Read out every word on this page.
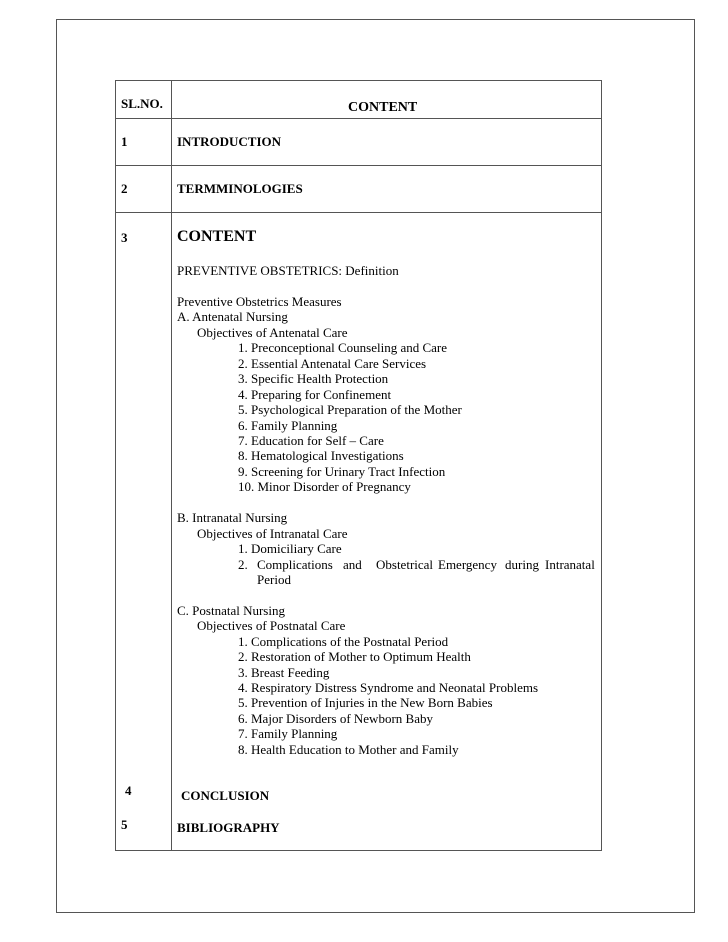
SL.NO.	CONTENT
1	INTRODUCTION
2	TERMMINOLOGIES
3	CONTENT
PREVENTIVE OBSTETRICS: Definition
Preventive Obstetrics Measures
A. Antenatal Nursing
Objectives of Antenatal Care
1. Preconceptional Counseling and Care
2. Essential Antenatal Care Services
3. Specific Health Protection
4. Preparing for Confinement
5. Psychological Preparation of the Mother
6. Family Planning
7. Education for Self – Care
8. Hematological Investigations
9. Screening for Urinary Tract Infection
10. Minor Disorder of Pregnancy
B. Intranatal Nursing
Objectives of Intranatal Care
1. Domiciliary Care
2. Complications and Obstetrical Emergency during Intranatal
Period
C. Postnatal Nursing
Objectives of Postnatal Care
1. Complications of the Postnatal Period
2. Restoration of Mother to Optimum Health
3. Breast Feeding
4. Respiratory Distress Syndrome and Neonatal Problems
5. Prevention of Injuries in the New Born Babies
6. Major Disorders of Newborn Baby
7. Family Planning
8. Health Education to Mother and Family
4	CONCLUSION
5	BIBLIOGRAPHY
